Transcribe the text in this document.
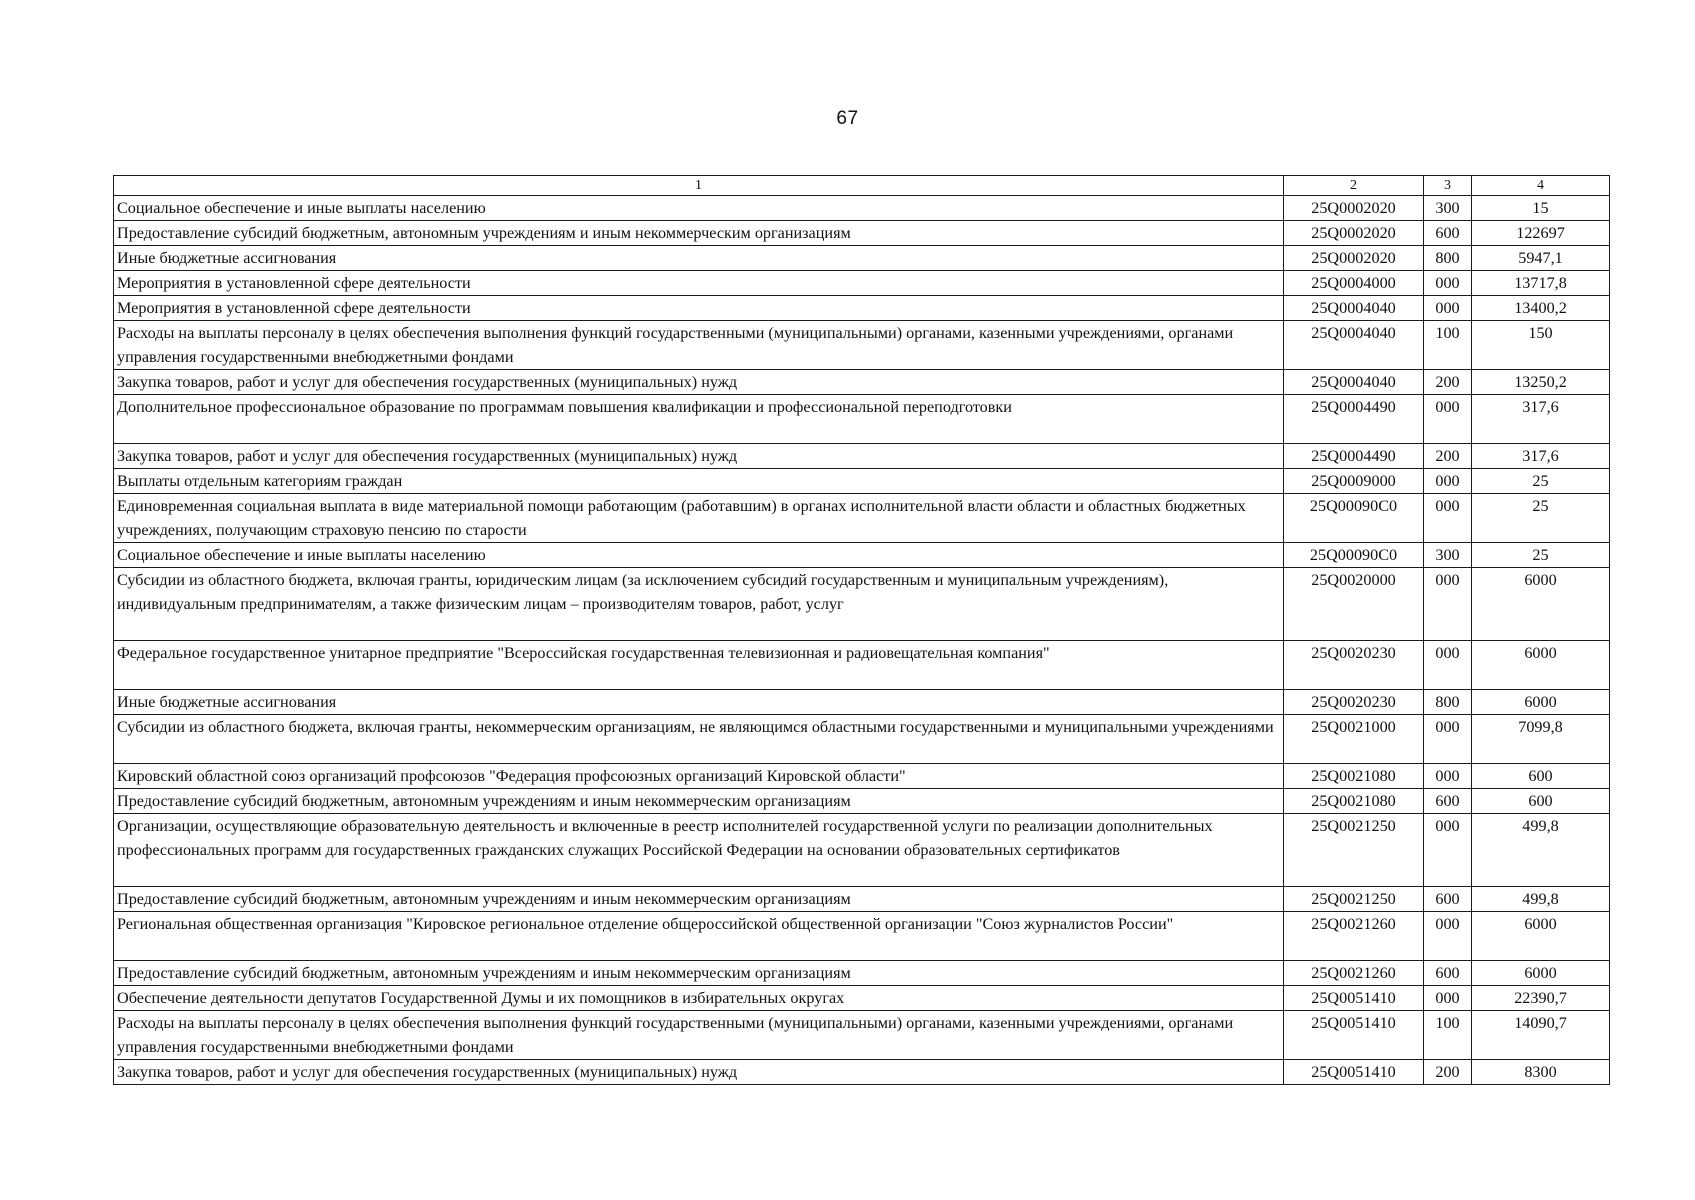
67
1	2	3	4
Социальное обеспечение и иные выплаты населению	25Q0002020	300	15
Предоставление субсидий бюджетным, автономным учреждениям и иным некоммерческим организациям	25Q0002020	600	122697
Иные бюджетные ассигнования	25Q0002020	800	5947,1
Мероприятия в установленной сфере деятельности	25Q0004000	000	13717,8
Мероприятия в установленной сфере деятельности	25Q0004040	000	13400,2
Расходы на выплаты персоналу в целях обеспечения выполнения функций государственными (муниципальными) органами, казенными учреждениями, органами управления государственными внебюджетными фондами	25Q0004040	100	150
Закупка товаров, работ и услуг для обеспечения государственных (муниципальных) нужд	25Q0004040	200	13250,2
Дополнительное профессиональное образование по программам повышения квалификации и профессиональной переподготовки	25Q0004490	000	317,6
Закупка товаров, работ и услуг для обеспечения государственных (муниципальных) нужд	25Q0004490	200	317,6
Выплаты отдельным категориям граждан	25Q0009000	000	25
Единовременная социальная выплата в виде материальной помощи работающим (работавшим) в органах исполнительной власти области и областных бюджетных учреждениях, получающим страховую пенсию по старости	25Q00090C0	000	25
Социальное обеспечение и иные выплаты населению	25Q00090C0	300	25
Субсидии из областного бюджета, включая гранты, юридическим лицам (за исключением субсидий государственным и муниципальным учреждениям), индивидуальным предпринимателям, а также физическим лицам – производителям товаров, работ, услуг	25Q0020000	000	6000
Федеральное государственное унитарное предприятие "Всероссийская государственная телевизионная и радиовещательная компания"	25Q0020230	000	6000
Иные бюджетные ассигнования	25Q0020230	800	6000
Субсидии из областного бюджета, включая гранты, некоммерческим организациям, не являющимся областными государственными и муниципальными учреждениями	25Q0021000	000	7099,8
Кировский областной союз организаций профсоюзов "Федерация профсоюзных организаций Кировской области"	25Q0021080	000	600
Предоставление субсидий бюджетным, автономным учреждениям и иным некоммерческим организациям	25Q0021080	600	600
Организации, осуществляющие образовательную деятельность и включенные в реестр исполнителей государственной услуги по реализации дополнительных профессиональных программ для государственных гражданских служащих Российской Федерации на основании образовательных сертификатов	25Q0021250	000	499,8
Предоставление субсидий бюджетным, автономным учреждениям и иным некоммерческим организациям	25Q0021250	600	499,8
Региональная общественная организация "Кировское региональное отделение общероссийской общественной организации "Союз журналистов России"	25Q0021260	000	6000
Предоставление субсидий бюджетным, автономным учреждениям и иным некоммерческим организациям	25Q0021260	600	6000
Обеспечение деятельности депутатов Государственной Думы и их помощников в избирательных округах	25Q0051410	000	22390,7
Расходы на выплаты персоналу в целях обеспечения выполнения функций государственными (муниципальными) органами, казенными учреждениями, органами управления государственными внебюджетными фондами	25Q0051410	100	14090,7
Закупка товаров, работ и услуг для обеспечения государственных (муниципальных) нужд	25Q0051410	200	8300
